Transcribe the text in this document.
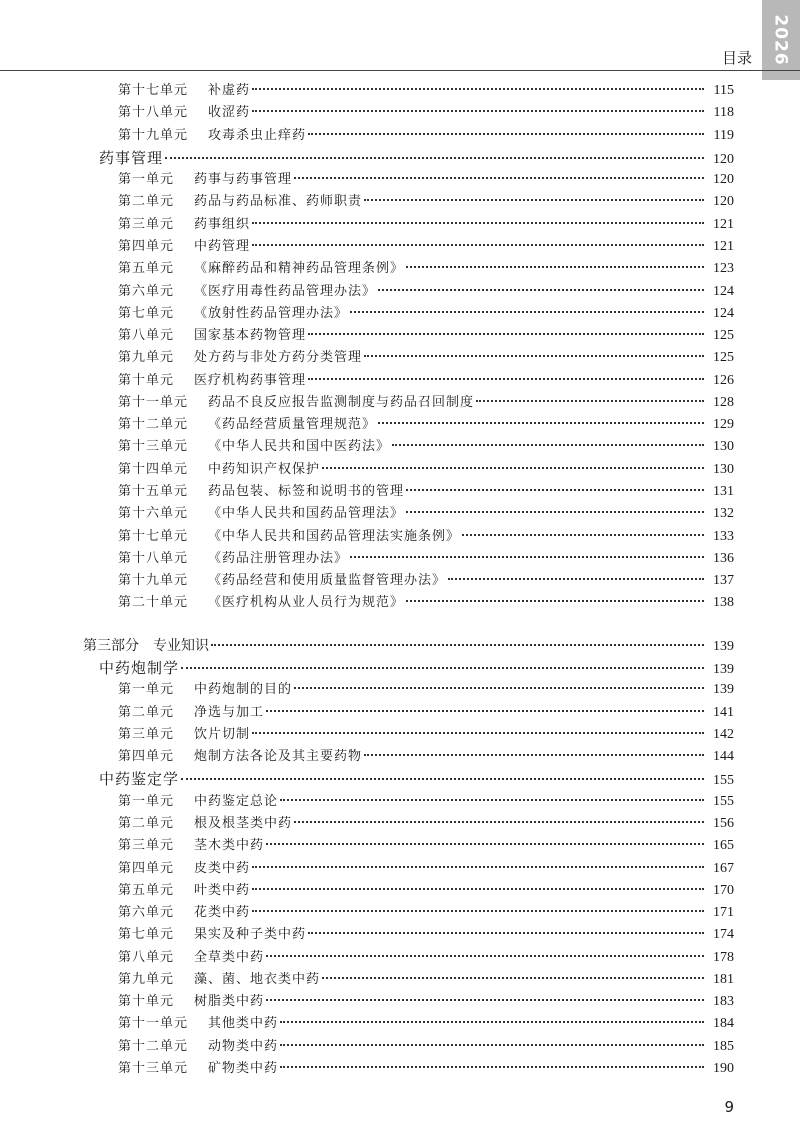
2026
目录
第十七单元 补虚药	115
第十八单元 收涩药	118
第十九单元 攻毒杀虫止痒药	119
药事管理	120
第一单元 药事与药事管理	120
第二单元 药品与药品标准、药师职责	120
第三单元 药事组织	121
第四单元 中药管理	121
第五单元 《麻醉药品和精神药品管理条例》	123
第六单元 《医疗用毒性药品管理办法》	124
第七单元 《放射性药品管理办法》	124
第八单元 国家基本药物管理	125
第九单元 处方药与非处方药分类管理	125
第十单元 医疗机构药事管理	126
第十一单元 药品不良反应报告监测制度与药品召回制度	128
第十二单元 《药品经营质量管理规范》	129
第十三单元 《中华人民共和国中医药法》	130
第十四单元 中药知识产权保护	130
第十五单元 药品包装、标签和说明书的管理	131
第十六单元 《中华人民共和国药品管理法》	132
第十七单元 《中华人民共和国药品管理法实施条例》	133
第十八单元 《药品注册管理办法》	136
第十九单元 《药品经营和使用质量监督管理办法》	137
第二十单元 《医疗机构从业人员行为规范》	138
第三部分 专业知识	139
中药炮制学	139
第一单元 中药炮制的目的	139
第二单元 净选与加工	141
第三单元 饮片切制	142
第四单元 炮制方法各论及其主要药物	144
中药鉴定学	155
第一单元 中药鉴定总论	155
第二单元 根及根茎类中药	156
第三单元 茎木类中药	165
第四单元 皮类中药	167
第五单元 叶类中药	170
第六单元 花类中药	171
第七单元 果实及种子类中药	174
第八单元 全草类中药	178
第九单元 藻、菌、地衣类中药	181
第十单元 树脂类中药	183
第十一单元 其他类中药	184
第十二单元 动物类中药	185
第十三单元 矿物类中药	190
9
